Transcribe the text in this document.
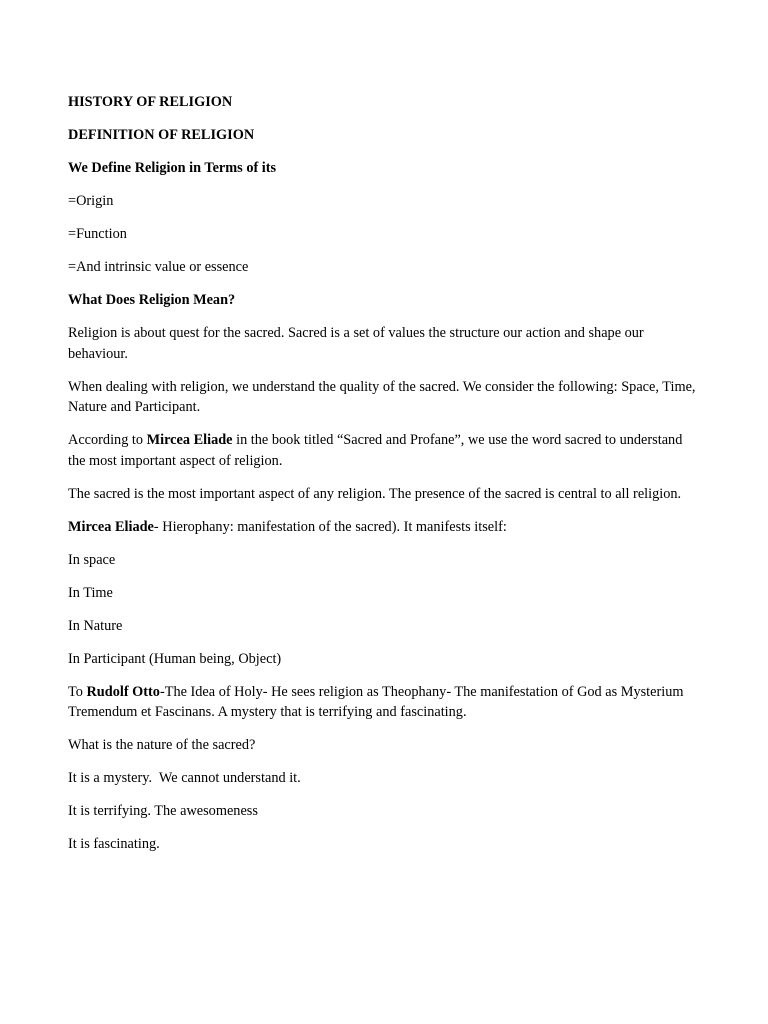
HISTORY OF RELIGION

DEFINITION OF RELIGION

We Define Religion in Terms of its

=Origin

=Function

=And intrinsic value or essence

What Does Religion Mean?

Religion is about quest for the sacred. Sacred is a set of values the structure our action and shape our behaviour.

When dealing with religion, we understand the quality of the sacred. We consider the following: Space, Time, Nature and Participant.

According to Mircea Eliade in the book titled “Sacred and Profane”, we use the word sacred to understand the most important aspect of religion.

The sacred is the most important aspect of any religion. The presence of the sacred is central to all religion.

Mircea Eliade- Hierophany: manifestation of the sacred). It manifests itself:

In space

In Time

In Nature

In Participant (Human being, Object)

To Rudolf Otto-The Idea of Holy- He sees religion as Theophany- The manifestation of God as Mysterium Tremendum et Fascinans. A mystery that is terrifying and fascinating.

What is the nature of the sacred?

It is a mystery.  We cannot understand it.

It is terrifying. The awesomeness

It is fascinating.
